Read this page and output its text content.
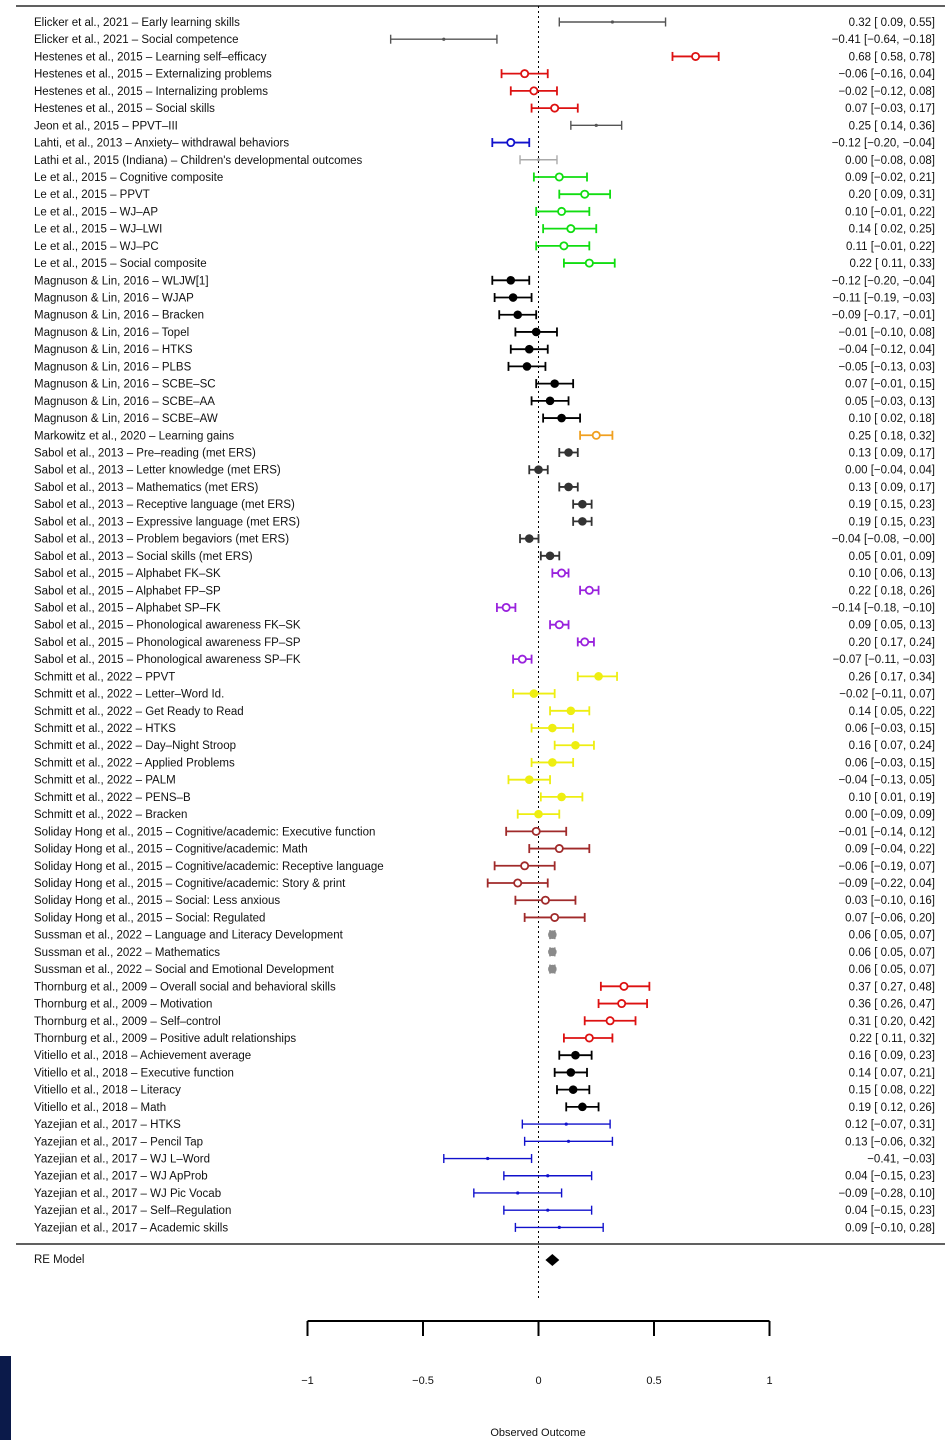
Elicker et al., 2021 – Early learning skills	0.32 [ 0.09, 0.55]
Elicker et al., 2021 – Social competence	−0.41 [−0.64, −0.18]
Hestenes et al., 2015 – Learning self–efficacy	0.68 [ 0.58, 0.78]
Hestenes et al., 2015 – Externalizing problems	−0.06 [−0.16, 0.04]
Hestenes et al., 2015 – Internalizing problems	−0.02 [−0.12, 0.08]
Hestenes et al., 2015 – Social skills	0.07 [−0.03, 0.17]
Jeon et al., 2015 – PPVT–III	0.25 [ 0.14, 0.36]
Lahti, et al., 2013 – Anxiety– withdrawal behaviors	−0.12 [−0.20, −0.04]
Lathi et al., 2015 (Indiana) – Children's developmental outcomes	0.00 [−0.08, 0.08]
Le et al., 2015 – Cognitive composite	0.09 [−0.02, 0.21]
Le et al., 2015 – PPVT	0.20 [ 0.09, 0.31]
Le et al., 2015 – WJ–AP	0.10 [−0.01, 0.22]
Le et al., 2015 – WJ–LWI	0.14 [ 0.02, 0.25]
Le et al., 2015 – WJ–PC	0.11 [−0.01, 0.22]
Le et al., 2015 – Social composite	0.22 [ 0.11, 0.33]
Magnuson & Lin, 2016 – WLJW[1]	−0.12 [−0.20, −0.04]
Magnuson & Lin, 2016 – WJAP	−0.11 [−0.19, −0.03]
Magnuson & Lin, 2016 – Bracken	−0.09 [−0.17, −0.01]
Magnuson & Lin, 2016 – Topel	−0.01 [−0.10, 0.08]
Magnuson & Lin, 2016 – HTKS	−0.04 [−0.12, 0.04]
Magnuson & Lin, 2016 – PLBS	−0.05 [−0.13, 0.03]
Magnuson & Lin, 2016 – SCBE–SC	0.07 [−0.01, 0.15]
Magnuson & Lin, 2016 – SCBE–AA	0.05 [−0.03, 0.13]
Magnuson & Lin, 2016 – SCBE–AW	0.10 [ 0.02, 0.18]
Markowitz et al., 2020 – Learning gains	0.25 [ 0.18, 0.32]
Sabol et al., 2013 – Pre–reading (met ERS)	0.13 [ 0.09, 0.17]
Sabol et al., 2013 – Letter knowledge (met ERS)	0.00 [−0.04, 0.04]
Sabol et al., 2013 – Mathematics (met ERS)	0.13 [ 0.09, 0.17]
Sabol et al., 2013 – Receptive language (met ERS)	0.19 [ 0.15, 0.23]
Sabol et al., 2013 – Expressive language (met ERS)	0.19 [ 0.15, 0.23]
Sabol et al., 2013 – Problem begaviors (met ERS)	−0.04 [−0.08, −0.00]
Sabol et al., 2013 – Social skills (met ERS)	0.05 [ 0.01, 0.09]
Sabol et al., 2015 – Alphabet FK–SK	0.10 [ 0.06, 0.13]
Sabol et al., 2015 – Alphabet FP–SP	0.22 [ 0.18, 0.26]
Sabol et al., 2015 – Alphabet SP–FK	−0.14 [−0.18, −0.10]
Sabol et al., 2015 – Phonological awareness FK–SK	0.09 [ 0.05, 0.13]
Sabol et al., 2015 – Phonological awareness FP–SP	0.20 [ 0.17, 0.24]
Sabol et al., 2015 – Phonological awareness SP–FK	−0.07 [−0.11, −0.03]
Schmitt et al., 2022 – PPVT	0.26 [ 0.17, 0.34]
Schmitt et al., 2022 – Letter–Word Id.	−0.02 [−0.11, 0.07]
Schmitt et al., 2022 – Get Ready to Read	0.14 [ 0.05, 0.22]
Schmitt et al., 2022 – HTKS	0.06 [−0.03, 0.15]
Schmitt et al., 2022 – Day–Night Stroop	0.16 [ 0.07, 0.24]
Schmitt et al., 2022 – Applied Problems	0.06 [−0.03, 0.15]
Schmitt et al., 2022 – PALM	−0.04 [−0.13, 0.05]
Schmitt et al., 2022 – PENS–B	0.10 [ 0.01, 0.19]
Schmitt et al., 2022 – Bracken	0.00 [−0.09, 0.09]
Soliday Hong et al., 2015 – Cognitive/academic: Executive function	−0.01 [−0.14, 0.12]
Soliday Hong et al., 2015 – Cognitive/academic: Math	0.09 [−0.04, 0.22]
Soliday Hong et al., 2015 – Cognitive/academic: Receptive language	−0.06 [−0.19, 0.07]
Soliday Hong et al., 2015 – Cognitive/academic: Story & print	−0.09 [−0.22, 0.04]
Soliday Hong et al., 2015 – Social: Less anxious	0.03 [−0.10, 0.16]
Soliday Hong et al., 2015 – Social: Regulated	0.07 [−0.06, 0.20]
Sussman et al., 2022 – Language and Literacy Development	0.06 [ 0.05, 0.07]
Sussman et al., 2022 – Mathematics	0.06 [ 0.05, 0.07]
Sussman et al., 2022 – Social and Emotional Development	0.06 [ 0.05, 0.07]
Thornburg et al., 2009 – Overall social and behavioral skills	0.37 [ 0.27, 0.48]
Thornburg et al., 2009 – Motivation	0.36 [ 0.26, 0.47]
Thornburg et al., 2009 – Self–control	0.31 [ 0.20, 0.42]
Thornburg et al., 2009 – Positive adult relationships	0.22 [ 0.11, 0.32]
Vitiello et al., 2018 – Achievement average	0.16 [ 0.09, 0.23]
Vitiello et al., 2018 – Executive function	0.14 [ 0.07, 0.21]
Vitiello et al., 2018 – Literacy	0.15 [ 0.08, 0.22]
Vitiello et al., 2018 – Math	0.19 [ 0.12, 0.26]
Yazejian et al., 2017 – HTKS	0.12 [−0.07, 0.31]
Yazejian et al., 2017 – Pencil Tap	0.13 [−0.06, 0.32]
Yazejian et al., 2017 – WJ L–Word	−0.41, −0.03]
Yazejian et al., 2017 – WJ ApProb	0.04 [−0.15, 0.23]
Yazejian et al., 2017 – WJ Pic Vocab	−0.09 [−0.28, 0.10]
Yazejian et al., 2017 – Self–Regulation	0.04 [−0.15, 0.23]
Yazejian et al., 2017 – Academic skills	0.09 [−0.10, 0.28]
RE Model
−1	−0.5	0	0.5	1
Observed Outcome
